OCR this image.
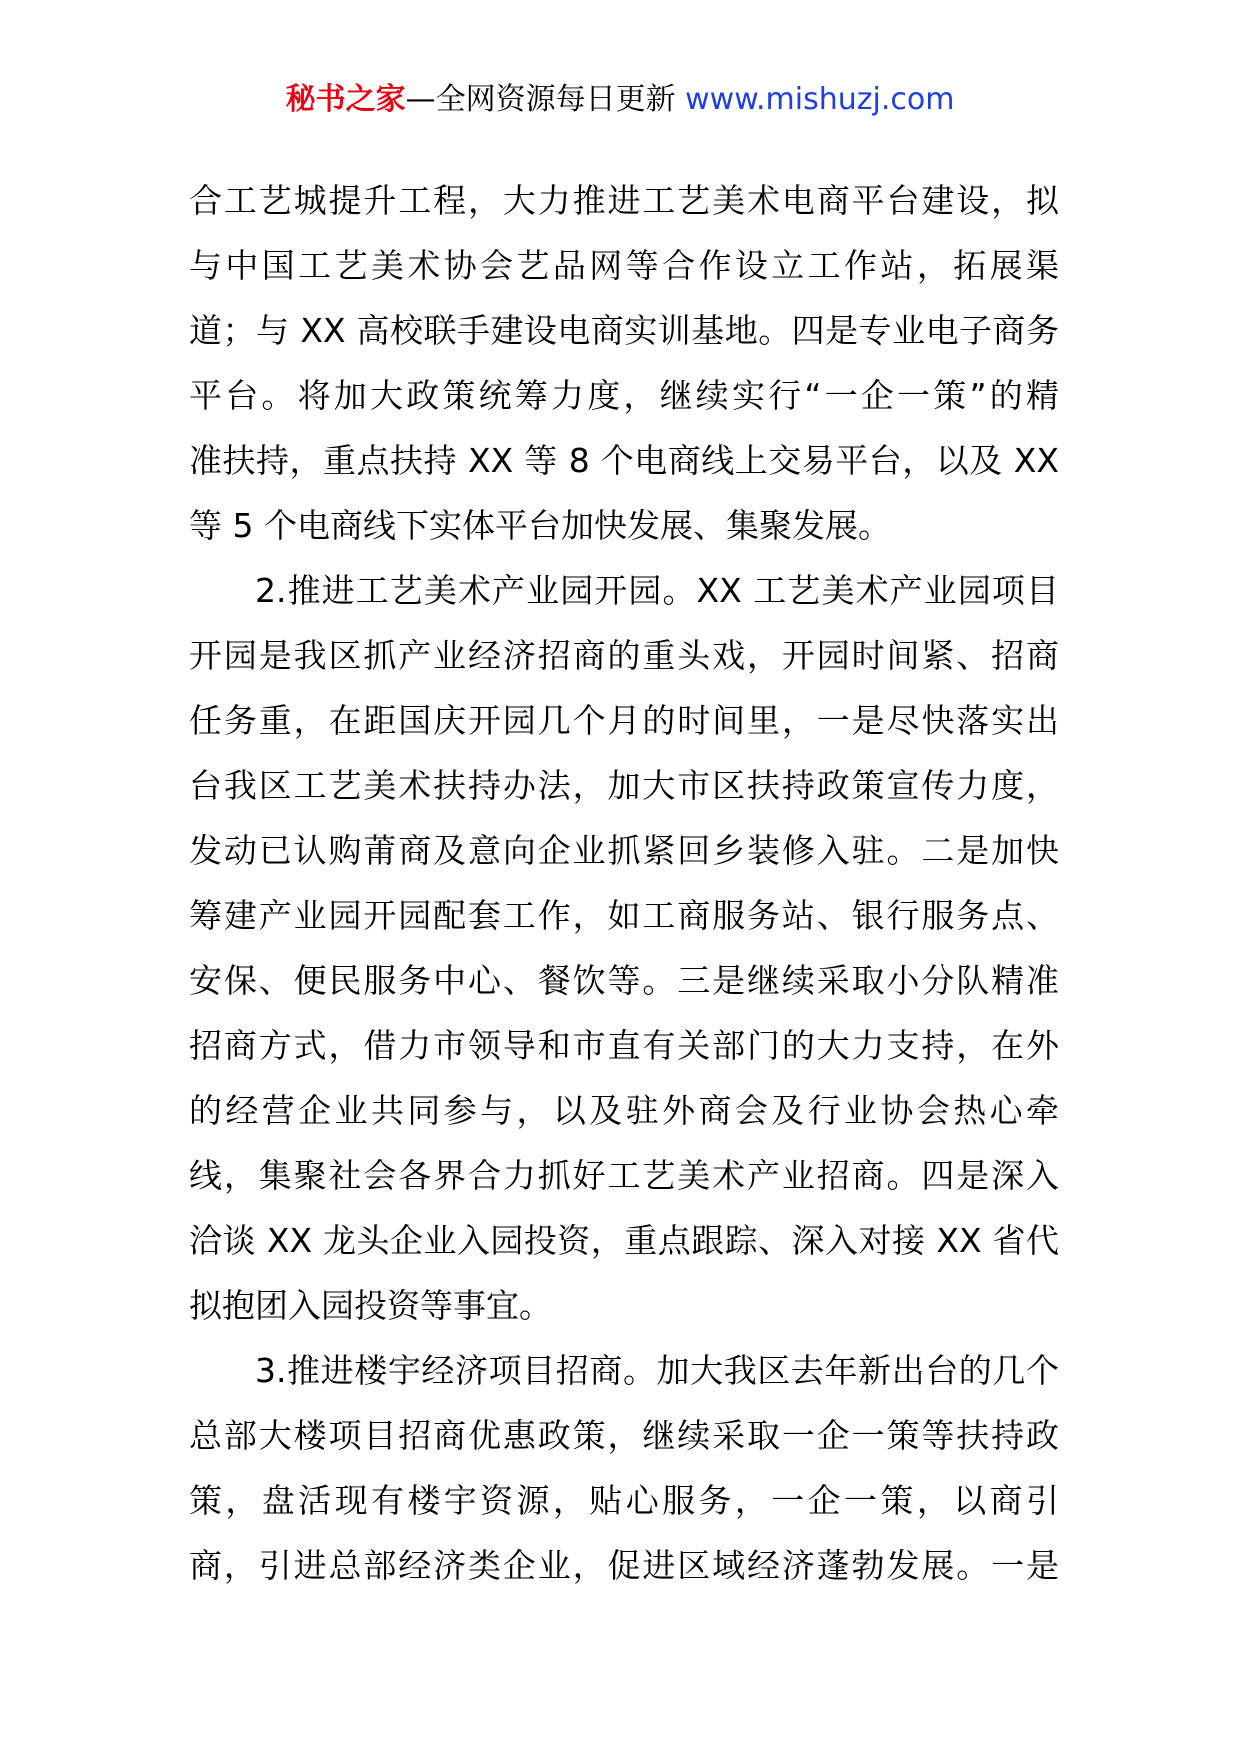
秘书之家—全网资源每日更新 www.mishuzj.com
合工艺城提升工程，大力推进工艺美术电商平台建设，拟
与中国工艺美术协会艺品网等合作设立工作站，拓展渠
道；与 XX 高校联手建设电商实训基地。四是专业电子商务
平台。将加大政策统筹力度，继续实行“一企一策”的精
准扶持，重点扶持 XX 等 8 个电商线上交易平台，以及 XX
等 5 个电商线下实体平台加快发展、集聚发展。
2.推进工艺美术产业园开园。XX 工艺美术产业园项目
开园是我区抓产业经济招商的重头戏，开园时间紧、招商
任务重，在距国庆开园几个月的时间里，一是尽快落实出
台我区工艺美术扶持办法，加大市区扶持政策宣传力度，
发动已认购莆商及意向企业抓紧回乡装修入驻。二是加快
筹建产业园开园配套工作，如工商服务站、银行服务点、
安保、便民服务中心、餐饮等。三是继续采取小分队精准
招商方式，借力市领导和市直有关部门的大力支持，在外
的经营企业共同参与，以及驻外商会及行业协会热心牵
线，集聚社会各界合力抓好工艺美术产业招商。四是深入
洽谈 XX 龙头企业入园投资，重点跟踪、深入对接 XX 省代
拟抱团入园投资等事宜。
3.推进楼宇经济项目招商。加大我区去年新出台的几个
总部大楼项目招商优惠政策，继续采取一企一策等扶持政
策，盘活现有楼宇资源，贴心服务，一企一策，以商引
商，引进总部经济类企业，促进区域经济蓬勃发展。一是
